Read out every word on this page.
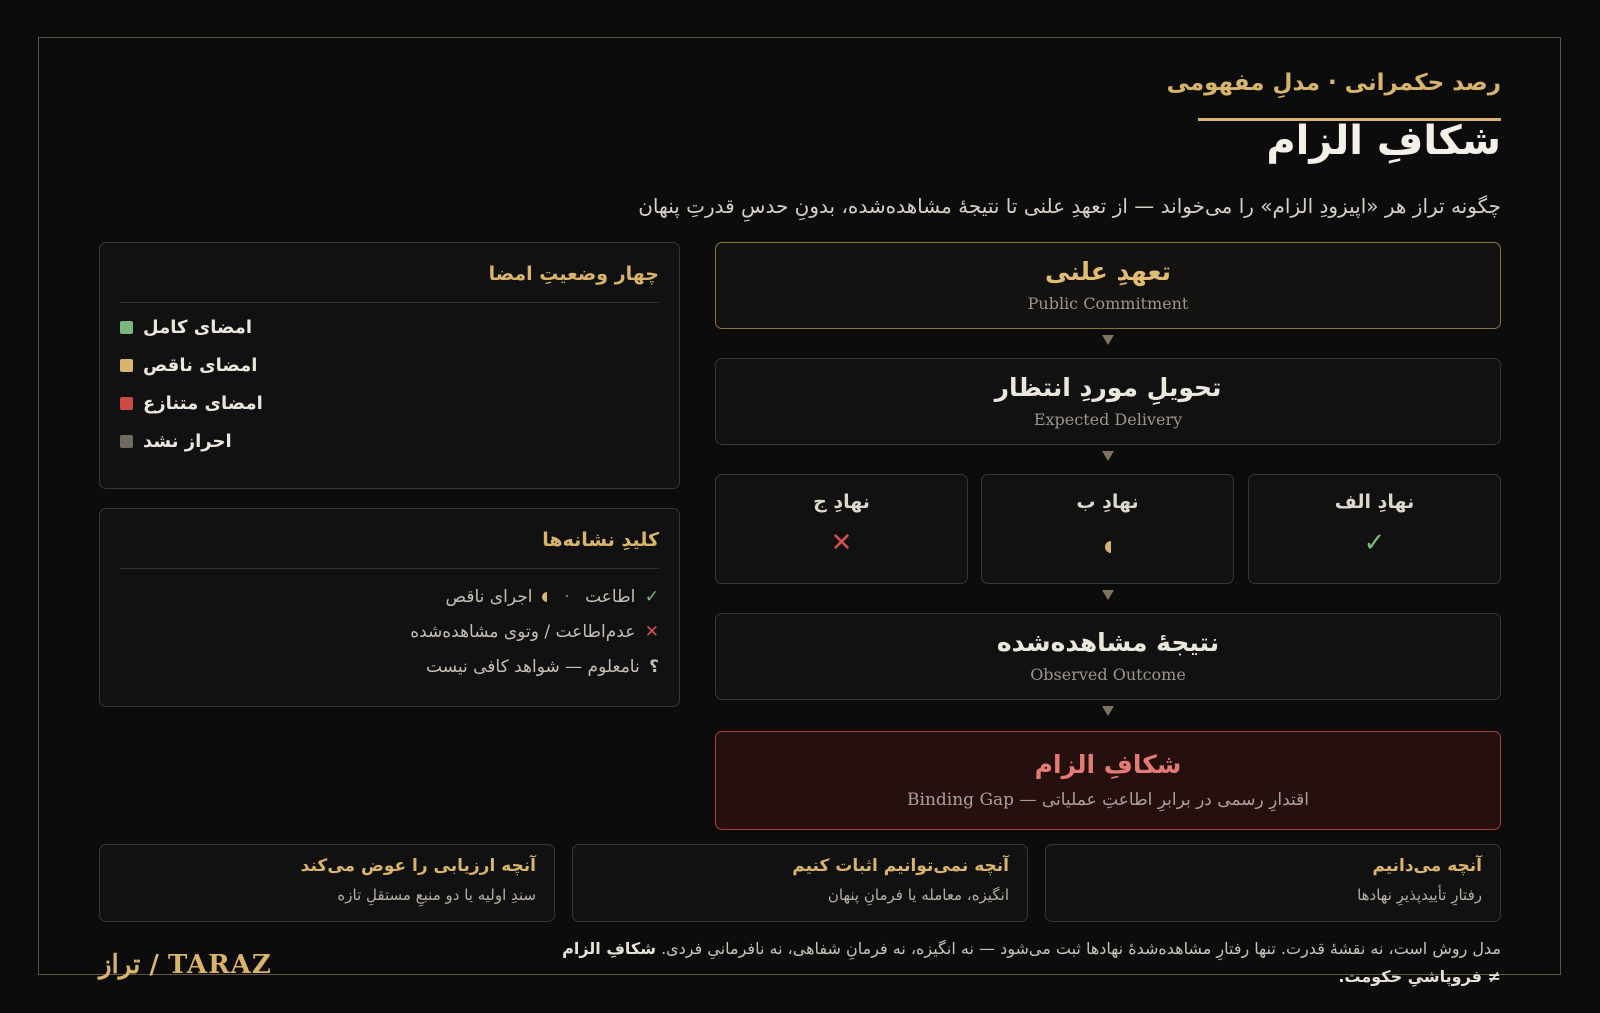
رصد حکمرانی · مدلِ مفهومی
شکافِ الزام
چگونه تراز هر «اپیزودِ الزام» را می‌خواند — از تعهدِ علنی تا نتیجهٔ مشاهده‌شده، بدونِ حدسِ قدرتِ پنهان
تعهدِ علنی
Public Commitment
تحویلِ موردِ انتظار
Expected Delivery
نهادِ الف
✓
نهادِ ب
نهادِ ج
✕
نتیجهٔ مشاهده‌شده
Observed Outcome
شکافِ الزام
اقتدارِ رسمی در برابرِ اطاعتِ عملیاتی — Binding Gap
چهار وضعیتِ امضا
امضای کامل
امضای ناقص
امضای متنازع
احراز نشد
کلیدِ نشانه‌ها
✓ اطاعت ·  اجرای ناقص
✕ عدم‌اطاعت / وتوی مشاهده‌شده
؟ نامعلوم — شواهد کافی نیست
آنچه می‌دانیم
رفتارِ تأییدپذیرِ نهادها
آنچه نمی‌توانیم اثبات کنیم
انگیزه، معامله یا فرمانِ پنهان
آنچه ارزیابی را عوض می‌کند
سندِ اولیه یا دو منبعِ مستقلِ تازه
مدل روش است، نه نقشهٔ قدرت. تنها رفتارِ مشاهده‌شدهٔ نهادها ثبت می‌شود — نه انگیزه، نه فرمانِ شفاهی، نه نافرمانیِ فردی. شکافِ الزام ≠ فروپاشیِ حکومت.
تراز / TARAZ
